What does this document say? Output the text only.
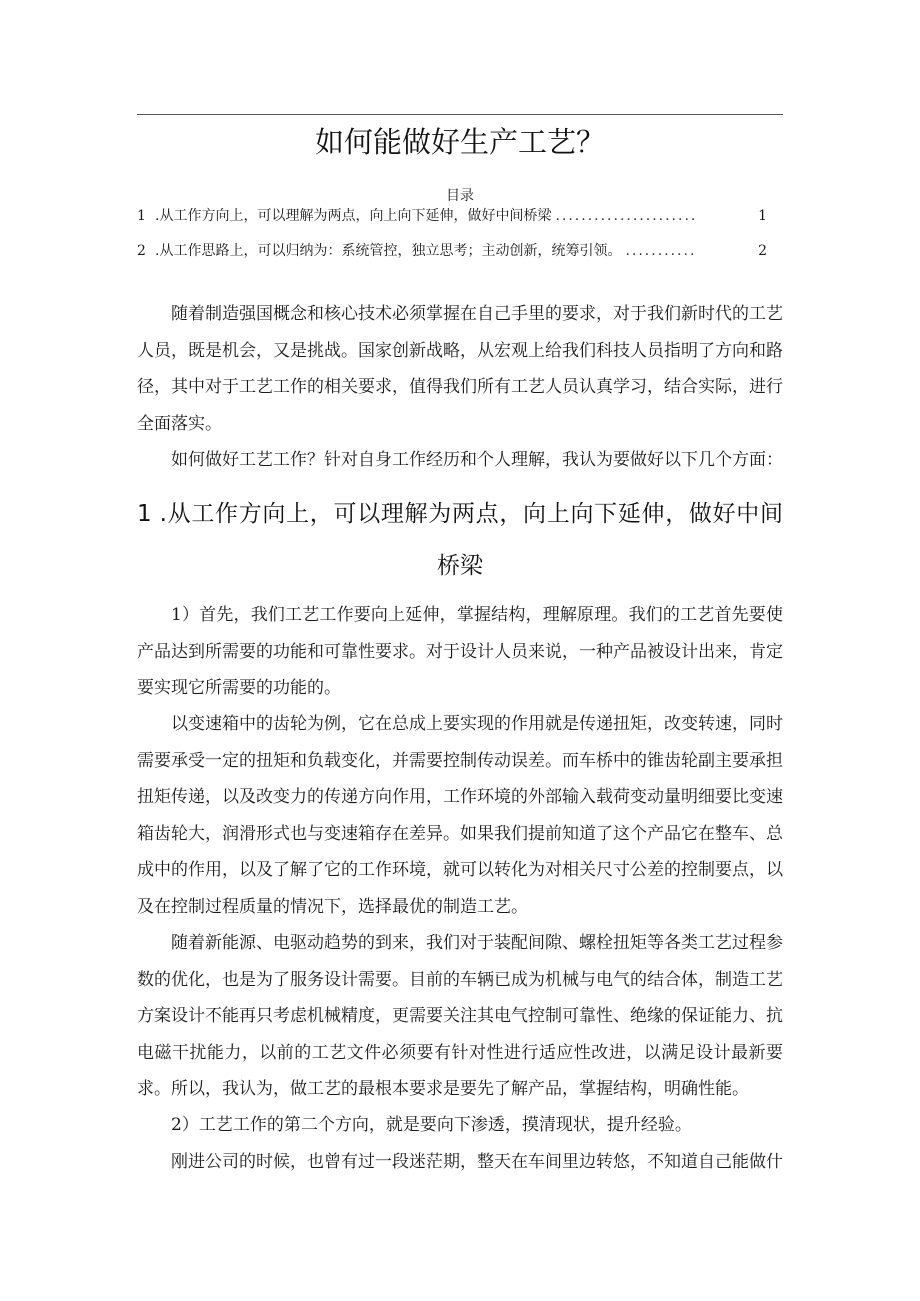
如何能做好生产工艺？
目录
1 .从工作方向上，可以理解为两点，向上向下延伸，做好中间桥梁 ......................	1
2 .从工作思路上，可以归纳为：系统管控，独立思考；主动创新，统筹引领。 ...........	2

随着制造强国概念和核心技术必须掌握在自己手里的要求，对于我们新时代的工艺人员，既是机会，又是挑战。国家创新战略，从宏观上给我们科技人员指明了方向和路径，其中对于工艺工作的相关要求，值得我们所有工艺人员认真学习，结合实际，进行全面落实。

如何做好工艺工作？针对自身工作经历和个人理解，我认为要做好以下几个方面：

1 .从工作方向上，可以理解为两点，向上向下延伸，做好中间
桥梁

1）首先，我们工艺工作要向上延伸，掌握结构，理解原理。我们的工艺首先要使产品达到所需要的功能和可靠性要求。对于设计人员来说，一种产品被设计出来，肯定要实现它所需要的功能的。

以变速箱中的齿轮为例，它在总成上要实现的作用就是传递扭矩，改变转速，同时需要承受一定的扭矩和负载变化，并需要控制传动误差。而车桥中的锥齿轮副主要承担扭矩传递，以及改变力的传递方向作用，工作环境的外部输入载荷变动量明细要比变速箱齿轮大，润滑形式也与变速箱存在差异。如果我们提前知道了这个产品它在整车、总成中的作用，以及了解了它的工作环境，就可以转化为对相关尺寸公差的控制要点，以及在控制过程质量的情况下，选择最优的制造工艺。

随着新能源、电驱动趋势的到来，我们对于装配间隙、螺栓扭矩等各类工艺过程参数的优化，也是为了服务设计需要。目前的车辆已成为机械与电气的结合体，制造工艺方案设计不能再只考虑机械精度，更需要关注其电气控制可靠性、绝缘的保证能力、抗电磁干扰能力，以前的工艺文件必须要有针对性进行适应性改进，以满足设计最新要求。所以，我认为，做工艺的最根本要求是要先了解产品，掌握结构，明确性能。

2）工艺工作的第二个方向，就是要向下渗透，摸清现状，提升经验。

刚进公司的时候，也曾有过一段迷茫期，整天在车间里边转悠，不知道自己能做什
